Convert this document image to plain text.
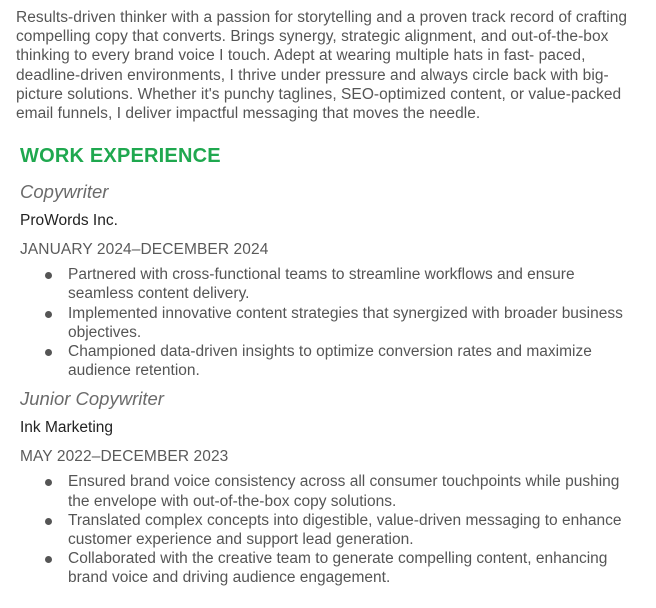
Results-driven thinker with a passion for storytelling and a proven track record of crafting compelling copy that converts. Brings synergy, strategic alignment, and out-of-the-box thinking to every brand voice I touch. Adept at wearing multiple hats in fast- paced, deadline-driven environments, I thrive under pressure and always circle back with big-picture solutions. Whether it's punchy taglines, SEO-optimized content, or value-packed email funnels, I deliver impactful messaging that moves the needle.

WORK EXPERIENCE
Copywriter
ProWords Inc.
JANUARY 2024–DECEMBER 2024
Partnered with cross-functional teams to streamline workflows and ensure seamless content delivery.
Implemented innovative content strategies that synergized with broader business objectives.
Championed data-driven insights to optimize conversion rates and maximize audience retention.
Junior Copywriter
Ink Marketing
MAY 2022–DECEMBER 2023
Ensured brand voice consistency across all consumer touchpoints while pushing the envelope with out-of-the-box copy solutions.
Translated complex concepts into digestible, value-driven messaging to enhance customer experience and support lead generation.
Collaborated with the creative team to generate compelling content, enhancing brand voice and driving audience engagement.
